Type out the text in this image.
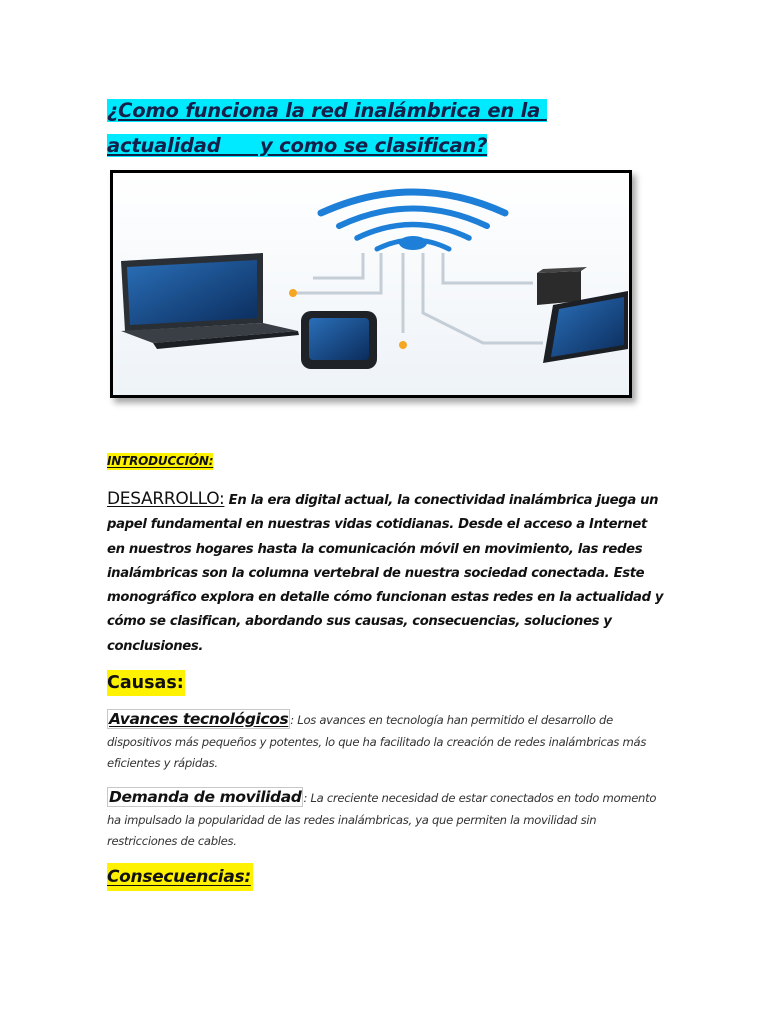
¿Como funciona la red inalámbrica en la
actualidad      y como se clasifican?
INTRODUCCIÓN:
DESARROLLO: En la era digital actual, la conectividad inalámbrica juega un papel fundamental en nuestras vidas cotidianas. Desde el acceso a Internet en nuestros hogares hasta la comunicación móvil en movimiento, las redes inalámbricas son la columna vertebral de nuestra sociedad conectada. Este monográfico explora en detalle cómo funcionan estas redes en la actualidad y cómo se clasifican, abordando sus causas, consecuencias, soluciones y conclusiones.
Causas:
Avances tecnológicos : Los avances en tecnología han permitido el desarrollo de dispositivos más pequeños y potentes, lo que ha facilitado la creación de redes inalámbricas más eficientes y rápidas.
Demanda de movilidad : La creciente necesidad de estar conectados en todo momento ha impulsado la popularidad de las redes inalámbricas, ya que permiten la movilidad sin restricciones de cables.
Consecuencias:
